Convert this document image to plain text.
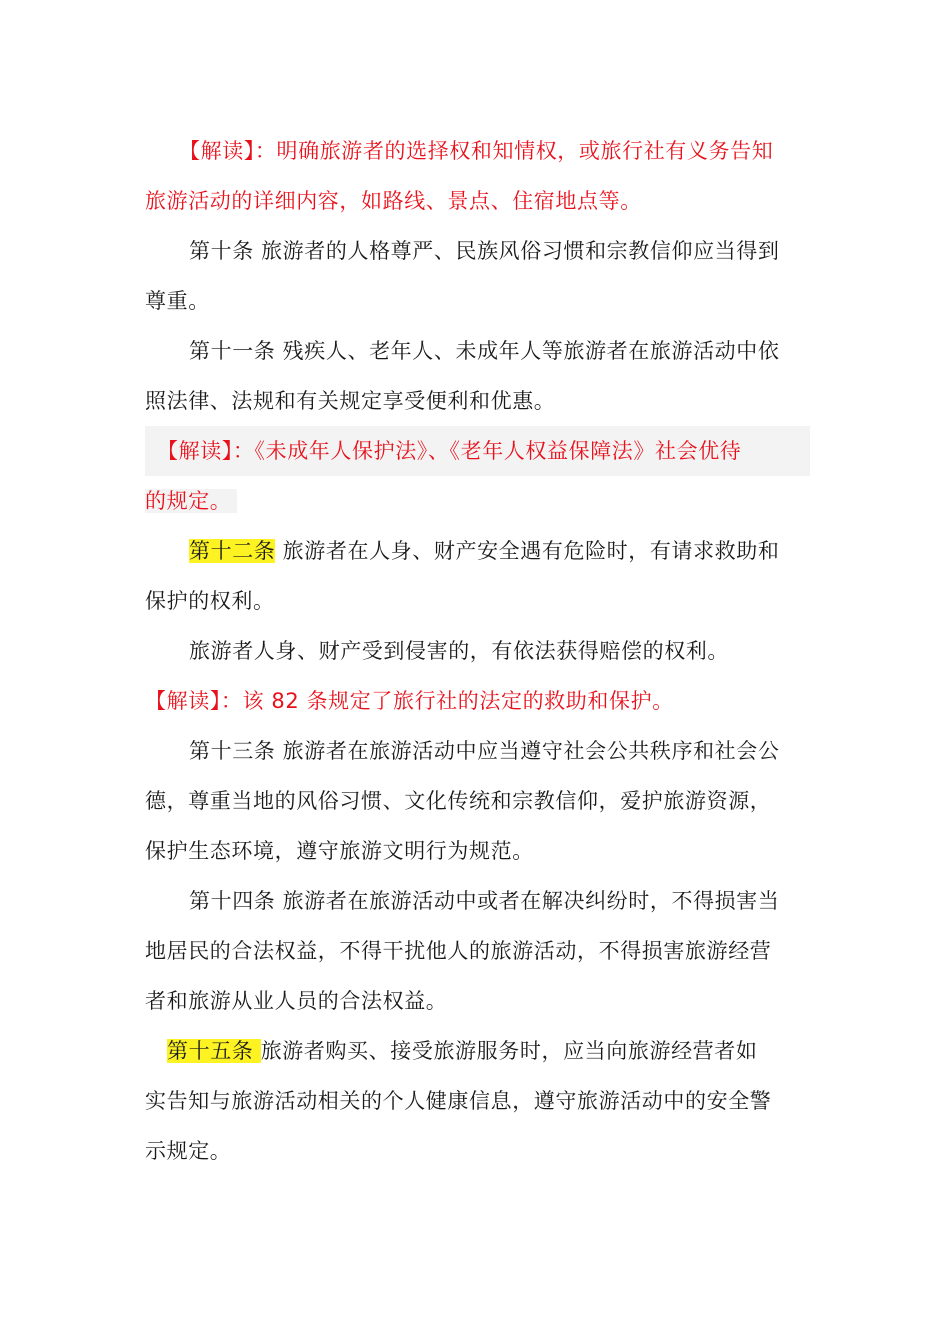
【解读】：明确旅游者的选择权和知情权，或旅行社有义务告知
旅游活动的详细内容，如路线、景点、住宿地点等。
第十条 旅游者的人格尊严、民族风俗习惯和宗教信仰应当得到
尊重。
第十一条 残疾人、老年人、未成年人等旅游者在旅游活动中依
照法律、法规和有关规定享受便利和优惠。
【解读】：《未成年人保护法》、《老年人权益保障法》社会优待
的规定。
第十二条 旅游者在人身、财产安全遇有危险时，有请求救助和
保护的权利。
旅游者人身、财产受到侵害的，有依法获得赔偿的权利。
【解读】：该 82 条规定了旅行社的法定的救助和保护。
第十三条 旅游者在旅游活动中应当遵守社会公共秩序和社会公
德，尊重当地的风俗习惯、文化传统和宗教信仰，爱护旅游资源，
保护生态环境，遵守旅游文明行为规范。
第十四条 旅游者在旅游活动中或者在解决纠纷时，不得损害当
地居民的合法权益，不得干扰他人的旅游活动，不得损害旅游经营
者和旅游从业人员的合法权益。
第十五条 旅游者购买、接受旅游服务时，应当向旅游经营者如
实告知与旅游活动相关的个人健康信息，遵守旅游活动中的安全警
示规定。
